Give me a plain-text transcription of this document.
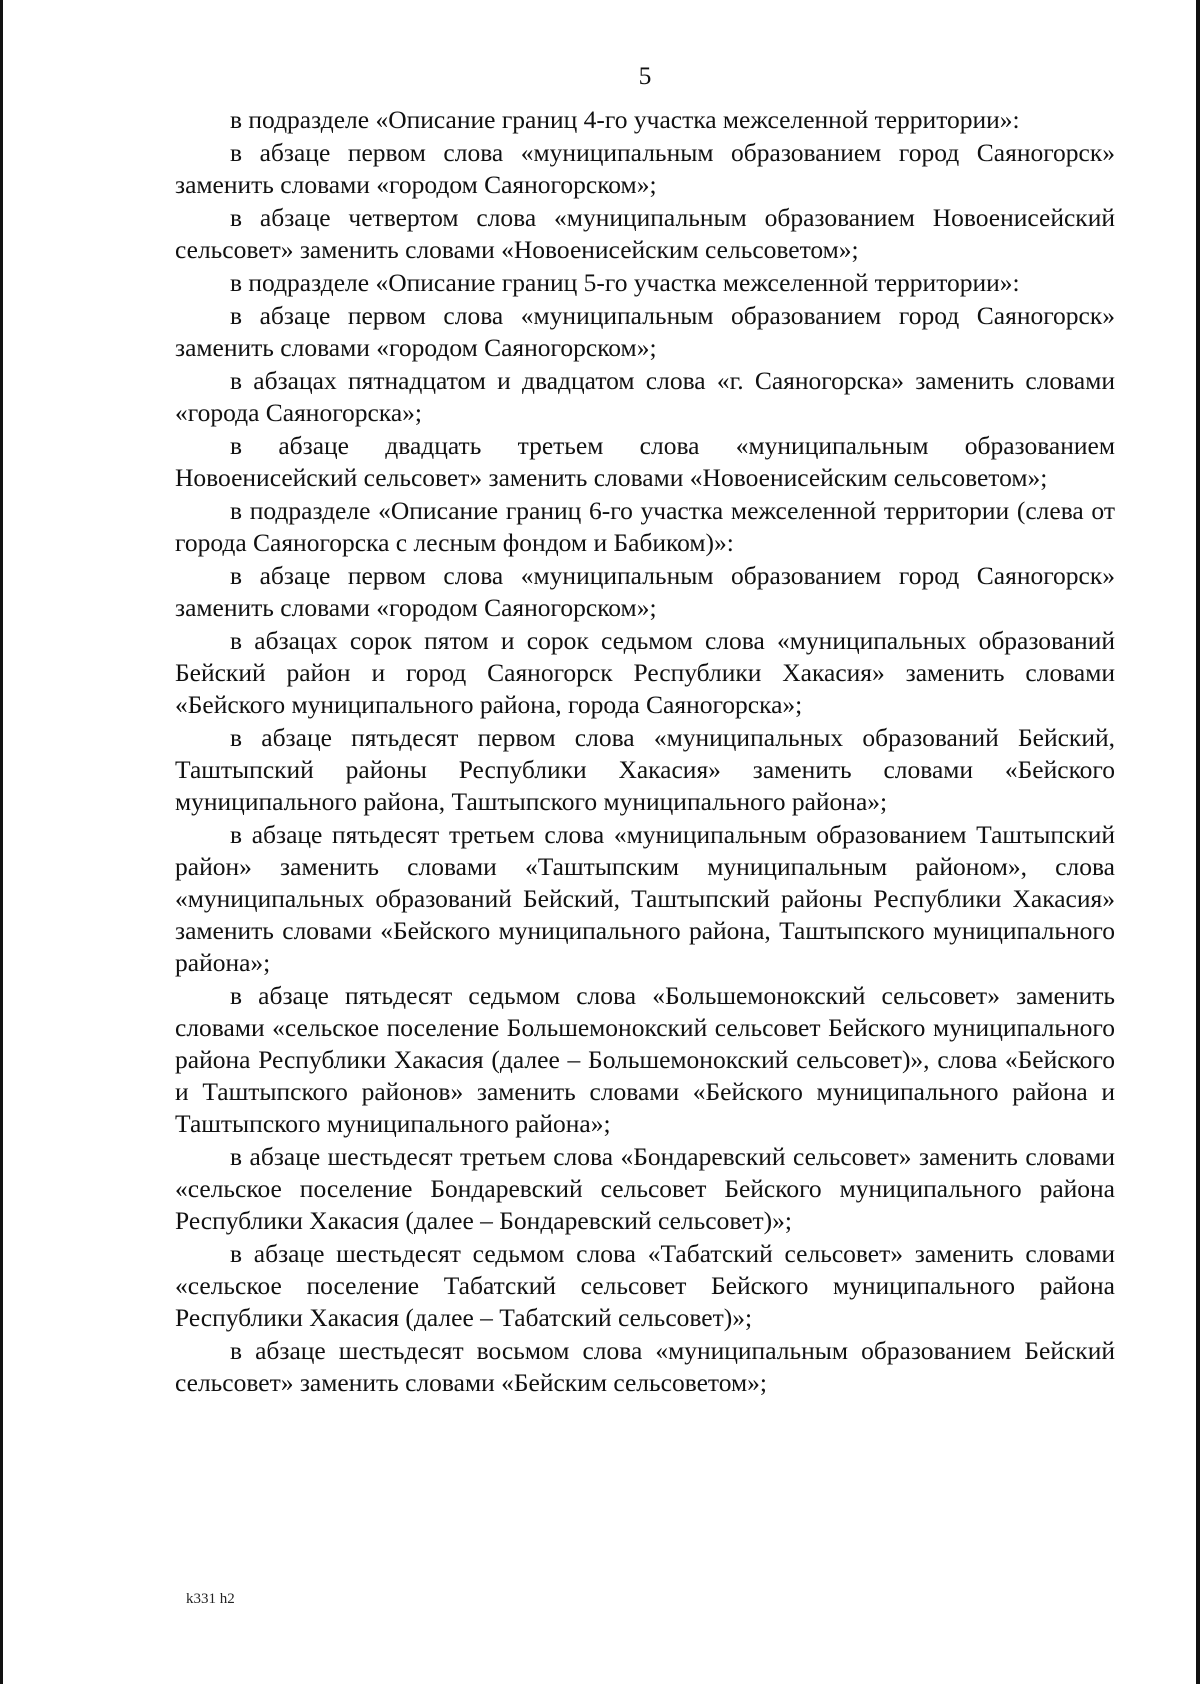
5

в подразделе «Описание границ 4-го участка межселенной территории»:

в абзаце первом слова «муниципальным образованием город Саяногорск» заменить словами «городом Саяногорском»;

в абзаце четвертом слова «муниципальным образованием Новоенисейский сельсовет» заменить словами «Новоенисейским сельсоветом»;

в подразделе «Описание границ 5-го участка межселенной территории»:

в абзаце первом слова «муниципальным образованием город Саяногорск» заменить словами «городом Саяногорском»;

в абзацах пятнадцатом и двадцатом слова «г. Саяногорска» заменить словами «города Саяногорска»;

в абзаце двадцать третьем слова «муниципальным образованием Новоенисейский сельсовет» заменить словами «Новоенисейским сельсоветом»;

в подразделе «Описание границ 6-го участка межселенной территории (слева от города Саяногорска с лесным фондом и Бабиком)»:

в абзаце первом слова «муниципальным образованием город Саяногорск» заменить словами «городом Саяногорском»;

в абзацах сорок пятом и сорок седьмом слова «муниципальных образований Бейский район и город Саяногорск Республики Хакасия» заменить словами «Бейского муниципального района, города Саяногорска»;

в абзаце пятьдесят первом слова «муниципальных образований Бейский, Таштыпский районы Республики Хакасия» заменить словами «Бейского муниципального района, Таштыпского муниципального района»;

в абзаце пятьдесят третьем слова «муниципальным образованием Таштыпский район» заменить словами «Таштыпским муниципальным районом», слова «муниципальных образований Бейский, Таштыпский районы Республики Хакасия» заменить словами «Бейского муниципального района, Таштыпского муниципального района»;

в абзаце пятьдесят седьмом слова «Большемонокский сельсовет» заменить словами «сельское поселение Большемонокский сельсовет Бейского муниципального района Республики Хакасия (далее – Большемонокский сельсовет)», слова «Бейского и Таштыпского районов» заменить словами «Бейского муниципального района и Таштыпского муниципального района»;

в абзаце шестьдесят третьем слова «Бондаревский сельсовет» заменить словами «сельское поселение Бондаревский сельсовет Бейского муниципального района Республики Хакасия (далее – Бондаревский сельсовет)»;

в абзаце шестьдесят седьмом слова «Табатский сельсовет» заменить словами «сельское поселение Табатский сельсовет Бейского муниципального района Республики Хакасия (далее – Табатский сельсовет)»;

в абзаце шестьдесят восьмом слова «муниципальным образованием Бейский сельсовет» заменить словами «Бейским сельсоветом»;

k331 h2
